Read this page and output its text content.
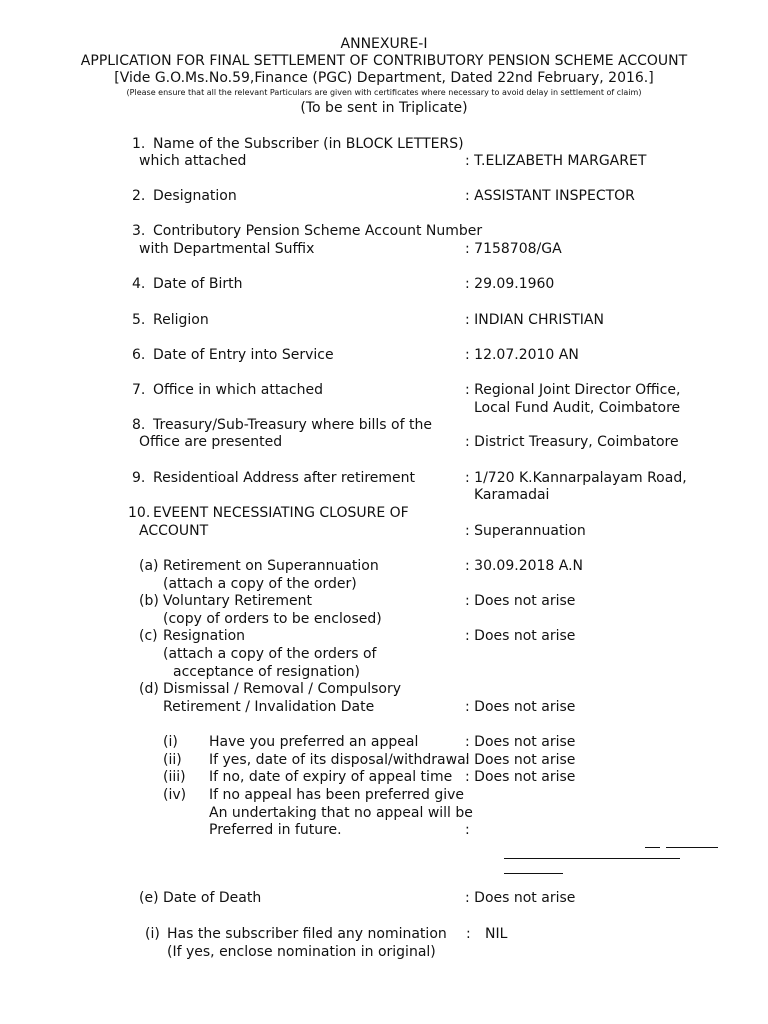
ANNEXURE-I
APPLICATION FOR FINAL SETTLEMENT OF CONTRIBUTORY PENSION SCHEME ACCOUNT
[Vide G.O.Ms.No.59,Finance (PGC) Department, Dated 22nd February, 2016.]
(Please ensure that all the relevant Particulars are given with certificates where necessary to avoid delay in settlement of claim)
(To be sent in Triplicate)
1. Name of the Subscriber (in BLOCK LETTERS)
which attached	: T.ELIZABETH MARGARET
2. Designation	: ASSISTANT INSPECTOR
3. Contributory Pension Scheme Account Number
with Departmental Suffix	: 7158708/GA
4. Date of Birth	: 29.09.1960
5. Religion	: INDIAN CHRISTIAN
6. Date of Entry into Service	: 12.07.2010 AN
7. Office in which attached	: Regional Joint Director Office,
Local Fund Audit, Coimbatore
8. Treasury/Sub-Treasury where bills of the
Office are presented	: District Treasury, Coimbatore
9. Residentioal Address after retirement	: 1/720 K.Kannarpalayam Road,
Karamadai
10. EVEENT NECESSIATING CLOSURE OF
ACCOUNT	: Superannuation
(a) Retirement on Superannuation
(attach a copy of the order)
: 30.09.2018 A.N
(b) Voluntary Retirement
(copy of orders to be enclosed)
: Does not arise
(c) Resignation
(attach a copy of the orders of
acceptance of resignation)
: Does not arise
(d) Dismissal / Removal / Compulsory
Retirement / Invalidation Date	: Does not arise
(i) Have you preferred an appeal	: Does not arise
(ii) If yes, date of its disposal/withdrawal
: Does not arise
(iii) If no, date of expiry of appeal time : Does not arise
(iv) If no appeal has been preferred give
An undertaking that no appeal will be
Preferred in future.	:
(e) Date of Death	: Does not arise
(i) Has the subscriber filed any nomination
(If yes, enclose nomination in original)
: NIL
